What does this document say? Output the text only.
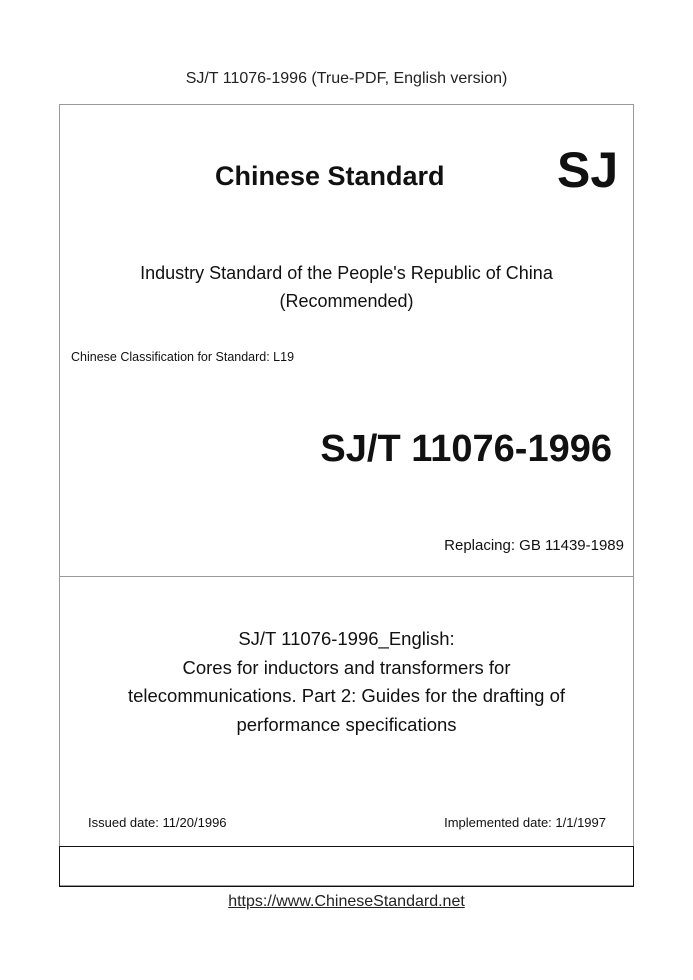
SJ/T 11076-1996 (True-PDF, English version)
Chinese Standard SJ
Industry Standard of the People's Republic of China
(Recommended)
Chinese Classification for Standard: L19
SJ/T 11076-1996
Replacing: GB 11439-1989
SJ/T 11076-1996_English:
Cores for inductors and transformers for
telecommunications. Part 2: Guides for the drafting of
performance specifications
Issued date: 11/20/1996	Implemented date: 1/1/1997
https://www.ChineseStandard.net
